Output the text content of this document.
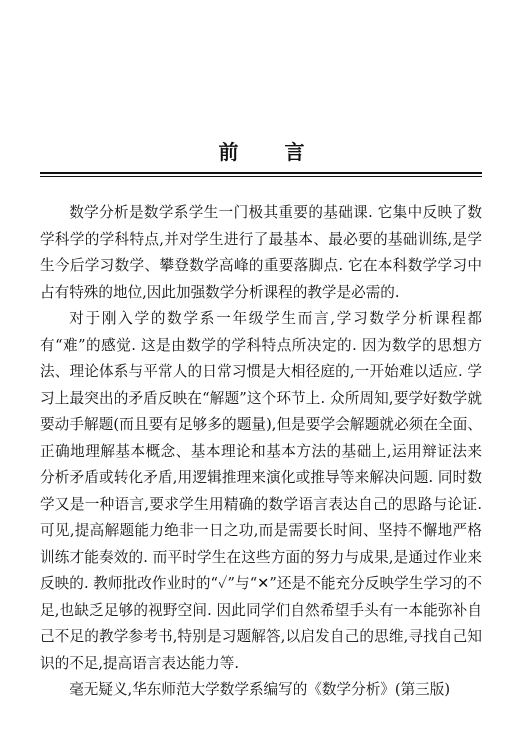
前 言

数学分析是数学系学生一门极其重要的基础课. 它集中反映了数学科学的学科特点,并对学生进行了最基本、最必要的基础训练,是学生今后学习数学、攀登数学高峰的重要落脚点. 它在本科数学学习中占有特殊的地位,因此加强数学分析课程的教学是必需的.

对于刚入学的数学系一年级学生而言,学习数学分析课程都有“难”的感觉. 这是由数学的学科特点所决定的. 因为数学的思想方法、理论体系与平常人的日常习惯是大相径庭的,一开始难以适应. 学习上最突出的矛盾反映在“解题”这个环节上. 众所周知,要学好数学就要动手解题(而且要有足够多的题量),但是要学会解题就必须在全面、正确地理解基本概念、基本理论和基本方法的基础上,运用辩证法来分析矛盾或转化矛盾,用逻辑推理来演化或推导等来解决问题. 同时数学又是一种语言,要求学生用精确的数学语言表达自己的思路与论证. 可见,提高解题能力绝非一日之功,而是需要长时间、坚持不懈地严格训练才能奏效的. 而平时学生在这些方面的努力与成果,是通过作业来反映的. 教师批改作业时的“✓”与“✕”还是不能充分反映学生学习的不足,也缺乏足够的视野空间. 因此同学们自然希望手头有一本能弥补自己不足的教学参考书,特别是习题解答,以启发自己的思维,寻找自己知识的不足,提高语言表达能力等.

毫无疑义,华东师范大学数学系编写的《数学分析》(第三版)
